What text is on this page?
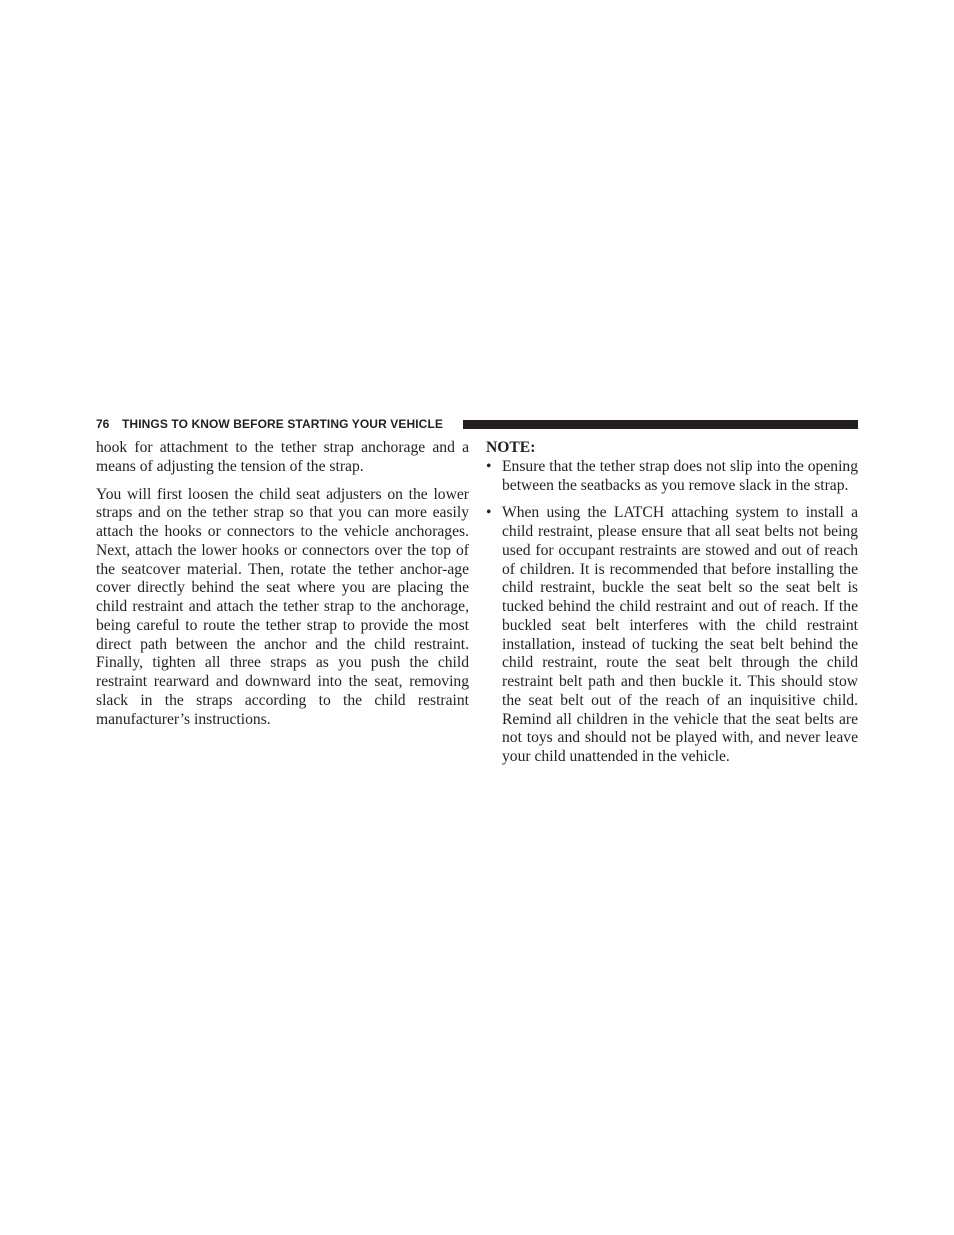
76 THINGS TO KNOW BEFORE STARTING YOUR VEHICLE

hook for attachment to the tether strap anchorage and a means of adjusting the tension of the strap.

You will first loosen the child seat adjusters on the lower straps and on the tether strap so that you can more easily attach the hooks or connectors to the vehicle anchorages. Next, attach the lower hooks or connectors over the top of the seatcover material. Then, rotate the tether anchor-age cover directly behind the seat where you are placing the child restraint and attach the tether strap to the anchorage, being careful to route the tether strap to provide the most direct path between the anchor and the child restraint. Finally, tighten all three straps as you push the child restraint rearward and downward into the seat, removing slack in the straps according to the child restraint manufacturer’s instructions.

NOTE:

• Ensure that the tether strap does not slip into the opening between the seatbacks as you remove slack in the strap.
• When using the LATCH attaching system to install a child restraint, please ensure that all seat belts not being used for occupant restraints are stowed and out of reach of children. It is recommended that before installing the child restraint, buckle the seat belt so the seat belt is tucked behind the child restraint and out of reach. If the buckled seat belt interferes with the child restraint installation, instead of tucking the seat belt behind the child restraint, route the seat belt through the child restraint belt path and then buckle it. This should stow the seat belt out of the reach of an inquisitive child. Remind all children in the vehicle that the seat belts are not toys and should not be played with, and never leave your child unattended in the vehicle.
